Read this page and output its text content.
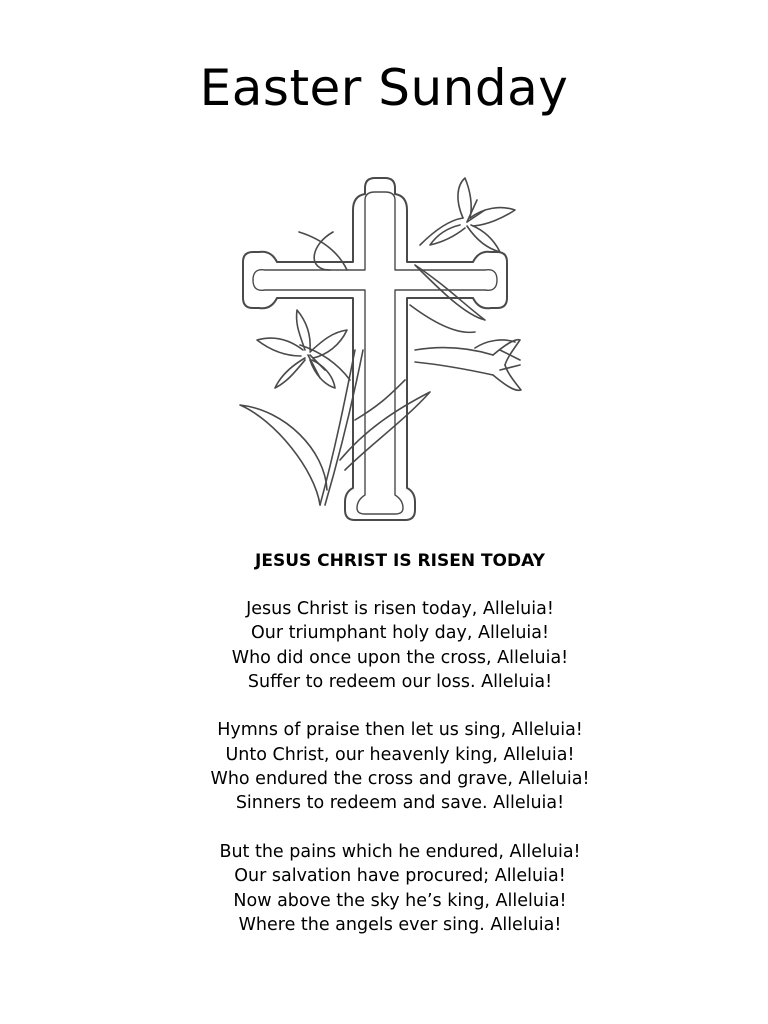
Easter Sunday
JESUS CHRIST IS RISEN TODAY

Jesus Christ is risen today, Alleluia!
Our triumphant holy day, Alleluia!
Who did once upon the cross, Alleluia!
Suffer to redeem our loss. Alleluia!

Hymns of praise then let us sing, Alleluia!
Unto Christ, our heavenly king, Alleluia!
Who endured the cross and grave, Alleluia!
Sinners to redeem and save. Alleluia!

But the pains which he endured, Alleluia!
Our salvation have procured; Alleluia!
Now above the sky he’s king, Alleluia!
Where the angels ever sing. Alleluia!
